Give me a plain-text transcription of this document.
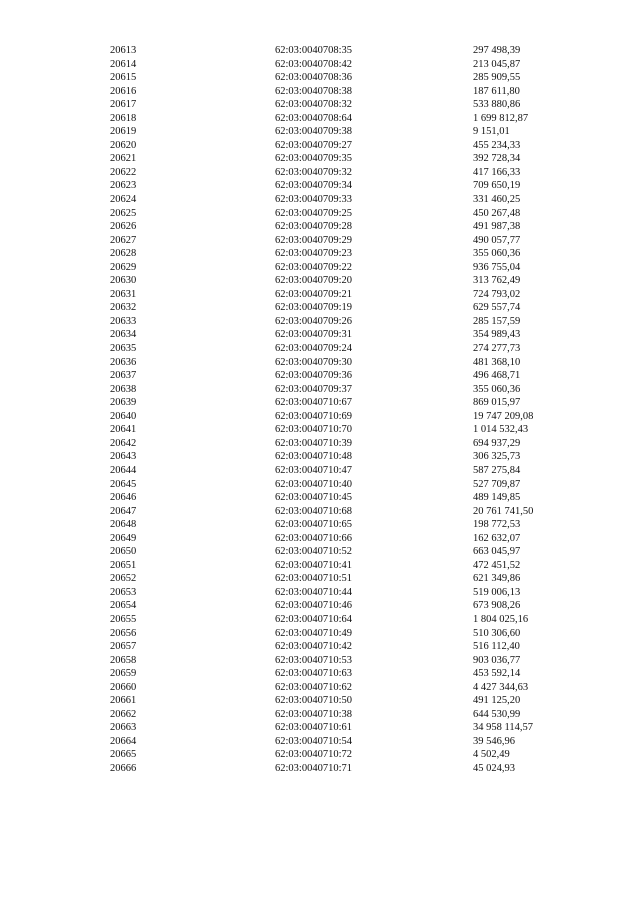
20613	62:03:0040708:35	297 498,39
20614	62:03:0040708:42	213 045,87
20615	62:03:0040708:36	285 909,55
20616	62:03:0040708:38	187 611,80
20617	62:03:0040708:32	533 880,86
20618	62:03:0040708:64	1 699 812,87
20619	62:03:0040709:38	9 151,01
20620	62:03:0040709:27	455 234,33
20621	62:03:0040709:35	392 728,34
20622	62:03:0040709:32	417 166,33
20623	62:03:0040709:34	709 650,19
20624	62:03:0040709:33	331 460,25
20625	62:03:0040709:25	450 267,48
20626	62:03:0040709:28	491 987,38
20627	62:03:0040709:29	490 057,77
20628	62:03:0040709:23	355 060,36
20629	62:03:0040709:22	936 755,04
20630	62:03:0040709:20	313 762,49
20631	62:03:0040709:21	724 793,02
20632	62:03:0040709:19	629 557,74
20633	62:03:0040709:26	285 157,59
20634	62:03:0040709:31	354 989,43
20635	62:03:0040709:24	274 277,73
20636	62:03:0040709:30	481 368,10
20637	62:03:0040709:36	496 468,71
20638	62:03:0040709:37	355 060,36
20639	62:03:0040710:67	869 015,97
20640	62:03:0040710:69	19 747 209,08
20641	62:03:0040710:70	1 014 532,43
20642	62:03:0040710:39	694 937,29
20643	62:03:0040710:48	306 325,73
20644	62:03:0040710:47	587 275,84
20645	62:03:0040710:40	527 709,87
20646	62:03:0040710:45	489 149,85
20647	62:03:0040710:68	20 761 741,50
20648	62:03:0040710:65	198 772,53
20649	62:03:0040710:66	162 632,07
20650	62:03:0040710:52	663 045,97
20651	62:03:0040710:41	472 451,52
20652	62:03:0040710:51	621 349,86
20653	62:03:0040710:44	519 006,13
20654	62:03:0040710:46	673 908,26
20655	62:03:0040710:64	1 804 025,16
20656	62:03:0040710:49	510 306,60
20657	62:03:0040710:42	516 112,40
20658	62:03:0040710:53	903 036,77
20659	62:03:0040710:63	453 592,14
20660	62:03:0040710:62	4 427 344,63
20661	62:03:0040710:50	491 125,20
20662	62:03:0040710:38	644 530,99
20663	62:03:0040710:61	34 958 114,57
20664	62:03:0040710:54	39 546,96
20665	62:03:0040710:72	4 502,49
20666	62:03:0040710:71	45 024,93
